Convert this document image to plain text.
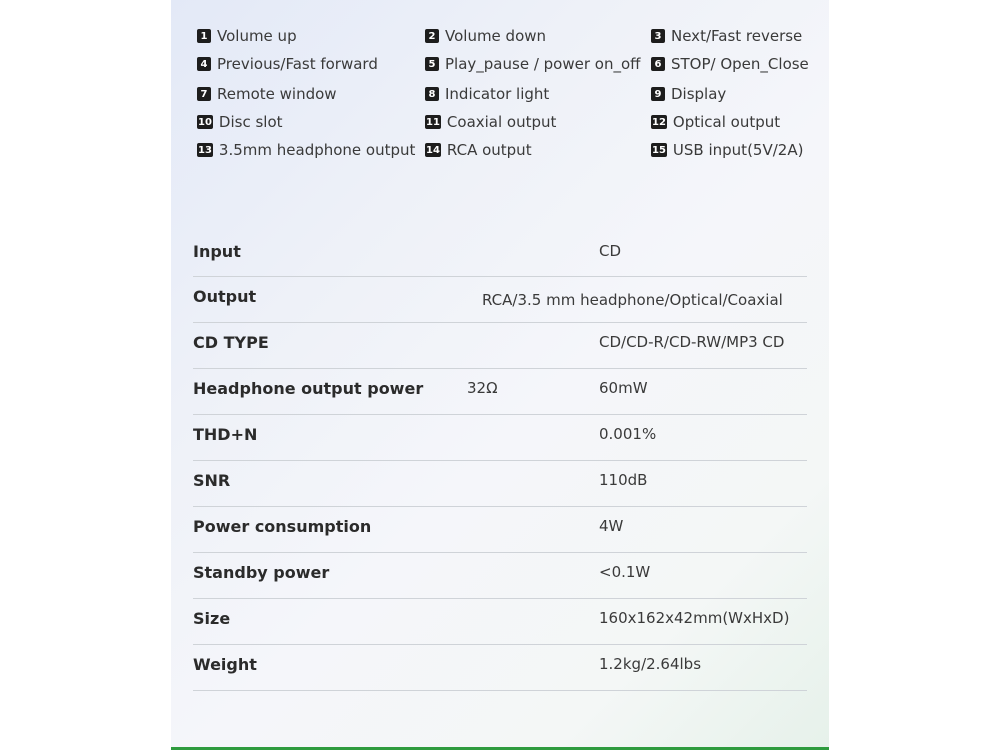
1 Volume up	2 Volume down	3 Next/Fast reverse
4 Previous/Fast forward	5 Play_pause / power on_off	6 STOP/ Open_Close
7 Remote window	8 Indicator light	9 Display
10 Disc slot	11 Coaxial output	12 Optical output
13 3.5mm headphone output 14 RCA output	15 USB input(5V/2A)
Input	CD
Output	RCA/3.5 mm headphone/Optical/Coaxial
CD TYPE	CD/CD-R/CD-RW/MP3 CD
Headphone output power	32Ω	60mW
THD+N	0.001%
SNR	110dB
Power consumption	4W
Standby power	<0.1W
Size	160x162x42mm(WxHxD)
Weight	1.2kg/2.64lbs
